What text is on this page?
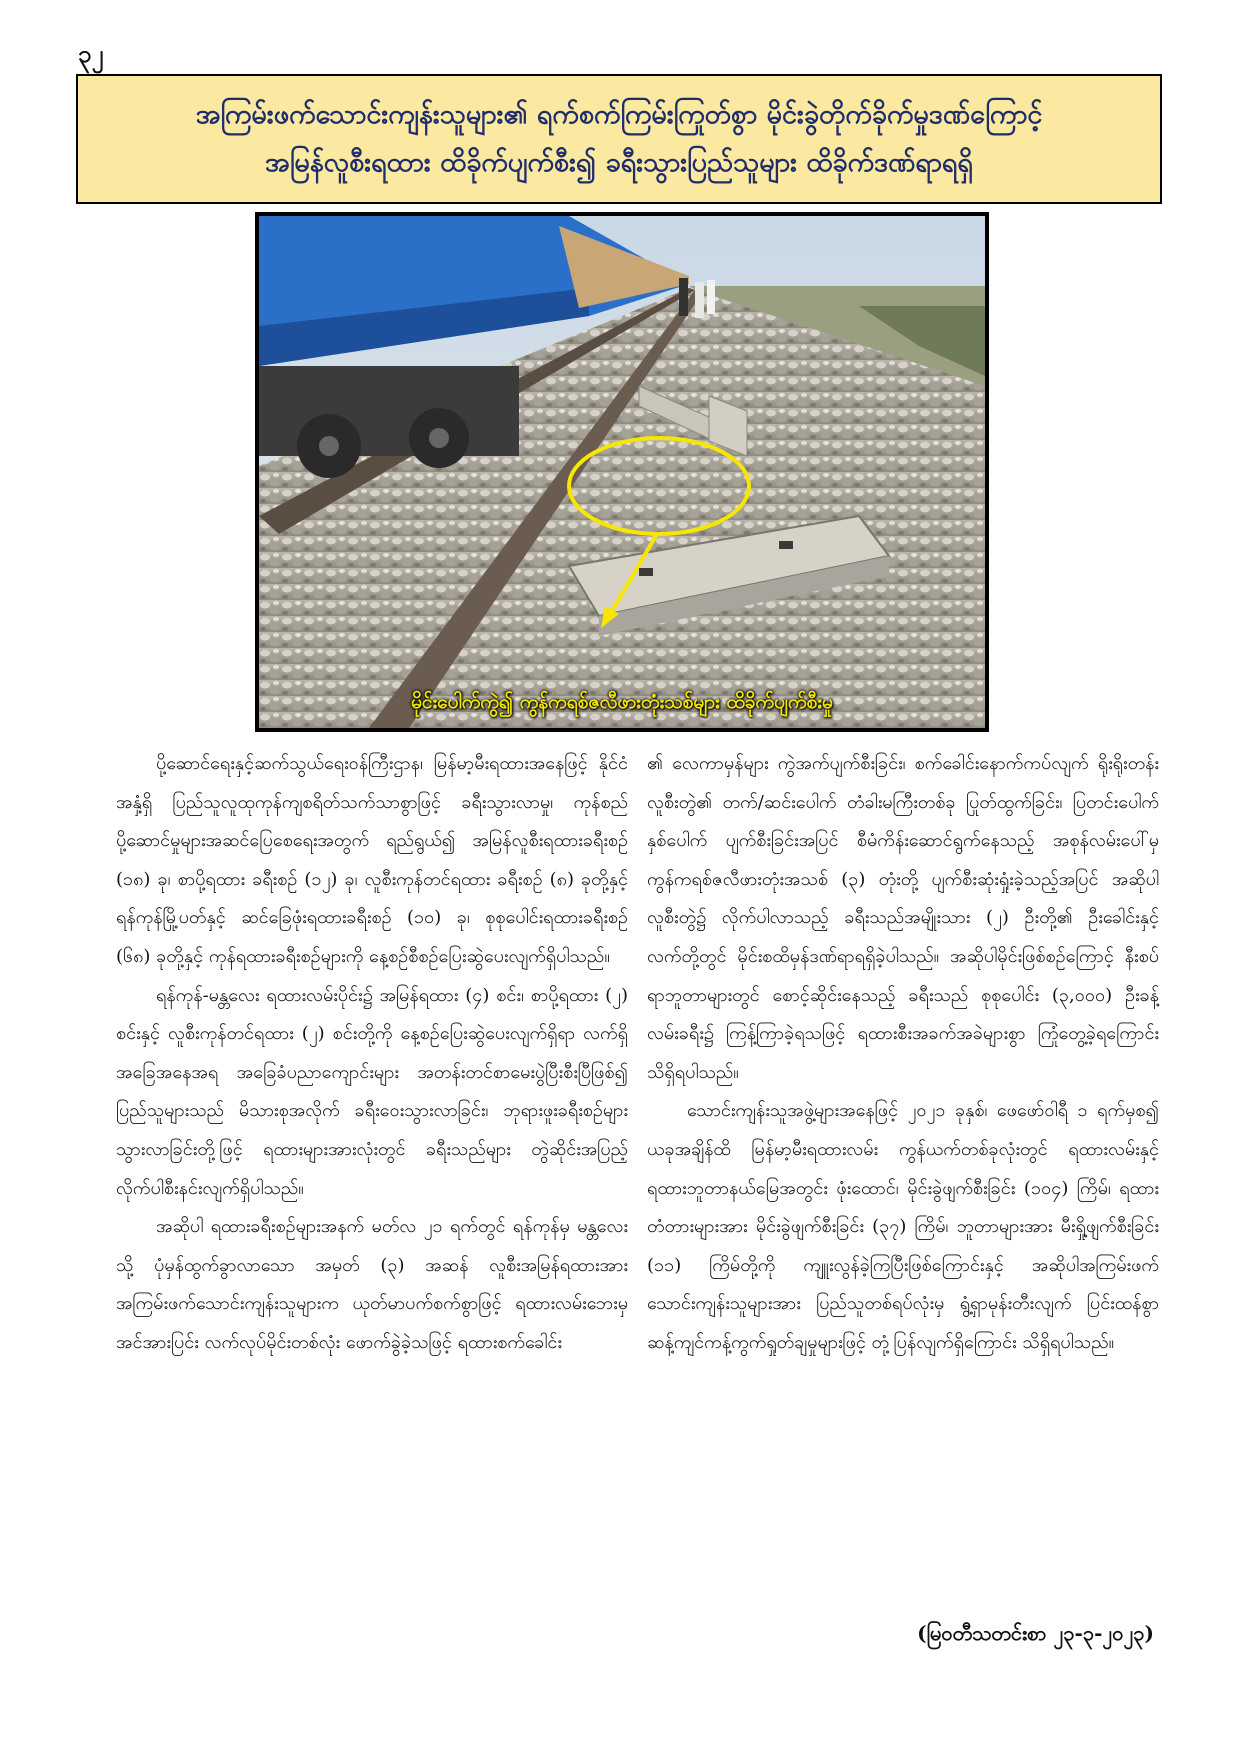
၃၂
အကြမ်းဖက်သောင်းကျန်းသူများ၏ ရက်စက်ကြမ်းကြုတ်စွာ မိုင်းခွဲတိုက်ခိုက်မှုဒဏ်ကြောင့်
အမြန်လူစီးရထား ထိခိုက်ပျက်စီး၍ ခရီးသွားပြည်သူများ ထိခိုက်ဒဏ်ရာရရှိ
မိုင်းပေါက်ကွဲ၍ ကွန်ကရစ်ဇလီဖားတုံးသစ်များ ထိခိုက်ပျက်စီးမှု

ပို့ဆောင်ရေးနှင့်ဆက်သွယ်ရေးဝန်ကြီးဌာန၊ မြန်မာ့မီးရထားအနေဖြင့် နိုင်ငံအနှံ့ရှိ ပြည်သူလူထုကုန်ကျစရိတ်သက်သာစွာဖြင့် ခရီးသွားလာမှု၊ ကုန်စည်ပို့ဆောင်မှုများအဆင်ပြေစေရေးအတွက် ရည်ရွယ်၍ အမြန်လူစီးရထားခရီးစဉ် (၁၈) ခု၊ စာပို့ရထား ခရီးစဉ် (၁၂) ခု၊ လူစီးကုန်တင်ရထား ခရီးစဉ် (၈) ခုတို့နှင့် ရန်ကုန်မြို့ပတ်နှင့် ဆင်ခြေဖုံးရထားခရီးစဉ် (၁၀) ခု၊ စုစုပေါင်းရထားခရီးစဉ် (၆၈) ခုတို့နှင့် ကုန်ရထားခရီးစဉ်များကို နေ့စဉ်စီစဉ်ပြေးဆွဲပေးလျက်ရှိပါသည်။

ရန်ကုန်-မန္တလေး ရထားလမ်းပိုင်း၌ အမြန်ရထား (၄) စင်း၊ စာပို့ရထား (၂) စင်းနှင့် လူစီးကုန်တင်ရထား (၂) စင်းတို့ကို နေ့စဉ်ပြေးဆွဲပေးလျက်ရှိရာ လက်ရှိအခြေအနေအရ အခြေခံပညာကျောင်းများ အတန်းတင်စာမေးပွဲပြီးစီးပြီဖြစ်၍ ပြည်သူများသည် မိသားစုအလိုက် ခရီးဝေးသွားလာခြင်း၊ ဘုရားဖူးခရီးစဉ်များ သွားလာခြင်းတို့ဖြင့် ရထားများအားလုံးတွင် ခရီးသည်များ တွဲဆိုင်းအပြည့် လိုက်ပါစီးနင်းလျက်ရှိပါသည်။

အဆိုပါ ရထားခရီးစဉ်များအနက် မတ်လ ၂၁ ရက်တွင် ရန်ကုန်မှ မန္တလေးသို့ ပုံမှန်ထွက်ခွာလာသော အမှတ် (၃) အဆန် လူစီးအမြန်ရထားအား အကြမ်းဖက်သောင်းကျန်းသူများက ယုတ်မာပက်စက်စွာဖြင့် ရထားလမ်းဘေးမှ အင်အားပြင်း လက်လုပ်မိုင်းတစ်လုံး ဖောက်ခွဲခဲ့သဖြင့် ရထားစက်ခေါင်း

၏ လေကာမှန်များ ကွဲအက်ပျက်စီးခြင်း၊ စက်ခေါင်းနောက်ကပ်လျက် ရိုးရိုးတန်းလူစီးတွဲ၏ တက်/ဆင်းပေါက် တံခါးမကြီးတစ်ခု ပြုတ်ထွက်ခြင်း၊ ပြတင်းပေါက်နှစ်ပေါက် ပျက်စီးခြင်းအပြင် စီမံကိန်းဆောင်ရွက်နေသည့် အစုန်လမ်းပေါ်မှ ကွန်ကရစ်ဇလီဖားတုံးအသစ် (၃) တုံးတို့ ပျက်စီးဆုံးရှုံးခဲ့သည့်အပြင် အဆိုပါလူစီးတွဲ၌ လိုက်ပါလာသည့် ခရီးသည်အမျိုးသား (၂) ဦးတို့၏ ဦးခေါင်းနှင့်လက်တို့တွင် မိုင်းစထိမှန်ဒဏ်ရာရရှိခဲ့ပါသည်။ အဆိုပါမိုင်းဖြစ်စဉ်ကြောင့် နီးစပ်ရာဘူတာများတွင် စောင့်ဆိုင်းနေသည့် ခရီးသည် စုစုပေါင်း (၃,၀၀၀) ဦးခန့် လမ်းခရီး၌ ကြန့်ကြာခဲ့ရသဖြင့် ရထားစီးအခက်အခဲများစွာ ကြုံတွေ့ခဲ့ရကြောင်း သိရှိရပါသည်။

သောင်းကျန်းသူအဖွဲ့များအနေဖြင့် ၂၀၂၁ ခုနှစ်၊ ဖေဖော်ဝါရီ ၁ ရက်မှစ၍ ယခုအချိန်ထိ မြန်မာ့မီးရထားလမ်း ကွန်ယက်တစ်ခုလုံးတွင် ရထားလမ်းနှင့် ရထားဘူတာနယ်မြေအတွင်း ဖုံးထောင်၊ မိုင်းခွဲဖျက်စီးခြင်း (၁၀၄) ကြိမ်၊ ရထားတံတားများအား မိုင်းခွဲဖျက်စီးခြင်း (၃၇) ကြိမ်၊ ဘူတာများအား မီးရှို့ဖျက်စီးခြင်း (၁၁) ကြိမ်တို့ကို ကျူးလွန်ခဲ့ကြပြီးဖြစ်ကြောင်းနှင့် အဆိုပါအကြမ်းဖက်သောင်းကျန်းသူများအား ပြည်သူတစ်ရပ်လုံးမှ ရွံ့ရှာမုန်းတီးလျက် ပြင်းထန်စွာဆန့်ကျင်ကန့်ကွက်ရှုတ်ချမှုများဖြင့် တုံ့ပြန်လျက်ရှိကြောင်း သိရှိရပါသည်။

(မြဝတီသတင်းစာ ၂၃-၃-၂၀၂၃)
